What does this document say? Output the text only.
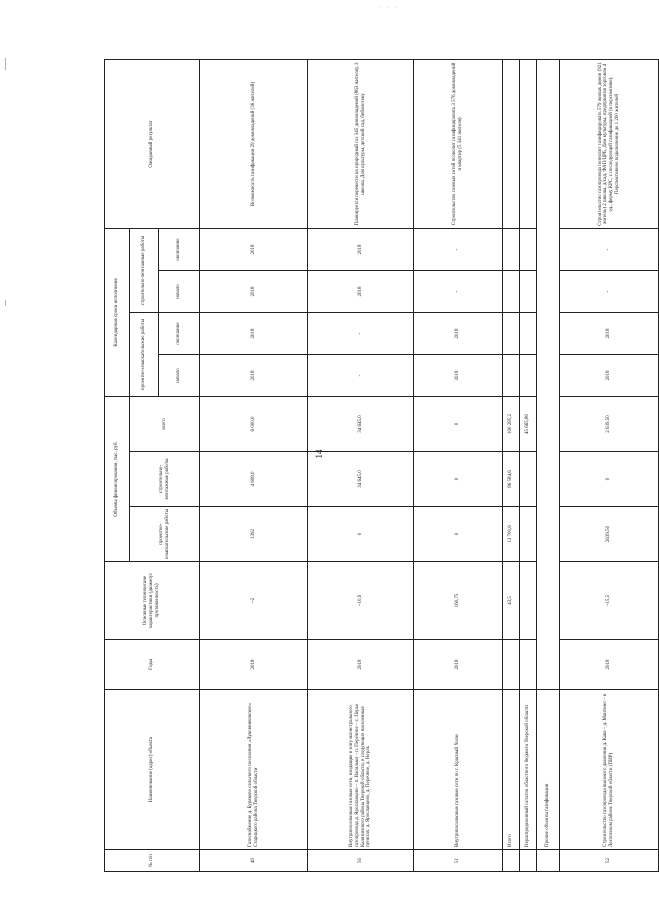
· · ·
14
№ п/п	Наименование (адрес) объекта	Годы	Основные технические характеристики (диаметр/протяженность)	Объемы финансирования, тыс. руб.			Календарные сроки исполнения				Ожидаемый результат
				проектно-изыскательские работы	строительно-монтажные работы	всего	проектно-изыскательские работы		строительно-монтажные работы		
							начало	окончание	начало	окончание	
49	Газоснабжение д. Буряково сельского поселения «Луковниковское» Старицкого района Тверской области	2018	~2	1392	4 608,0	6 000,0	2018	2018	2018	2018	Возможность газификации 29 домовладений (36 жителей)
50	Внутрипоселковые газовые сети, входящие в зону магистрального газопровода д. Ярославцево – п. Васильки – п. Перечное – с. Перье Калязинского района Тверской области, в следующих населенных пунктах: д. Ярославцево, д. Перечное, д. Нерль	2018	~10,9	0	34 645,0	34 645,0	-	-	2018	2018	Планируется перевести на природный газ 345 домовладений (863 жителя), 3 школы, Дом культуры, детский сад, библиотеку
51	Внутрипоселковые газовые сети по г. Красный Холм	2018	160,75	0	0	0	2018	2018	-	-	Строительство газовых сетей позволит газифицировать 3 576 домовладений и квартир (5 341 жителя)
	Итого		43,5	13 700,6	86 584,6	100 285,2					
	Нераспределенный остаток областного бюджета Тверской области					45 665,80					
	Прочие объекты газификации										
52	Строительство газопровода высокого давления д. Кава – д. Мантино – в Лесхохском районе Тверской области (ПИР)	2018	~15,5	2639,50	0	2 639,50	2018	2018	-	-	Строительство газопровода позволит газифицировать 579 жилых домов (921 житель) 2 школы, д/сад, ФАП/ЦРБ, Дом культуры, предприятия торговли 4 ед., ферму КРС, с последующей газификацией (в перспективе). Перспективное подключение до 1 200 жителей
